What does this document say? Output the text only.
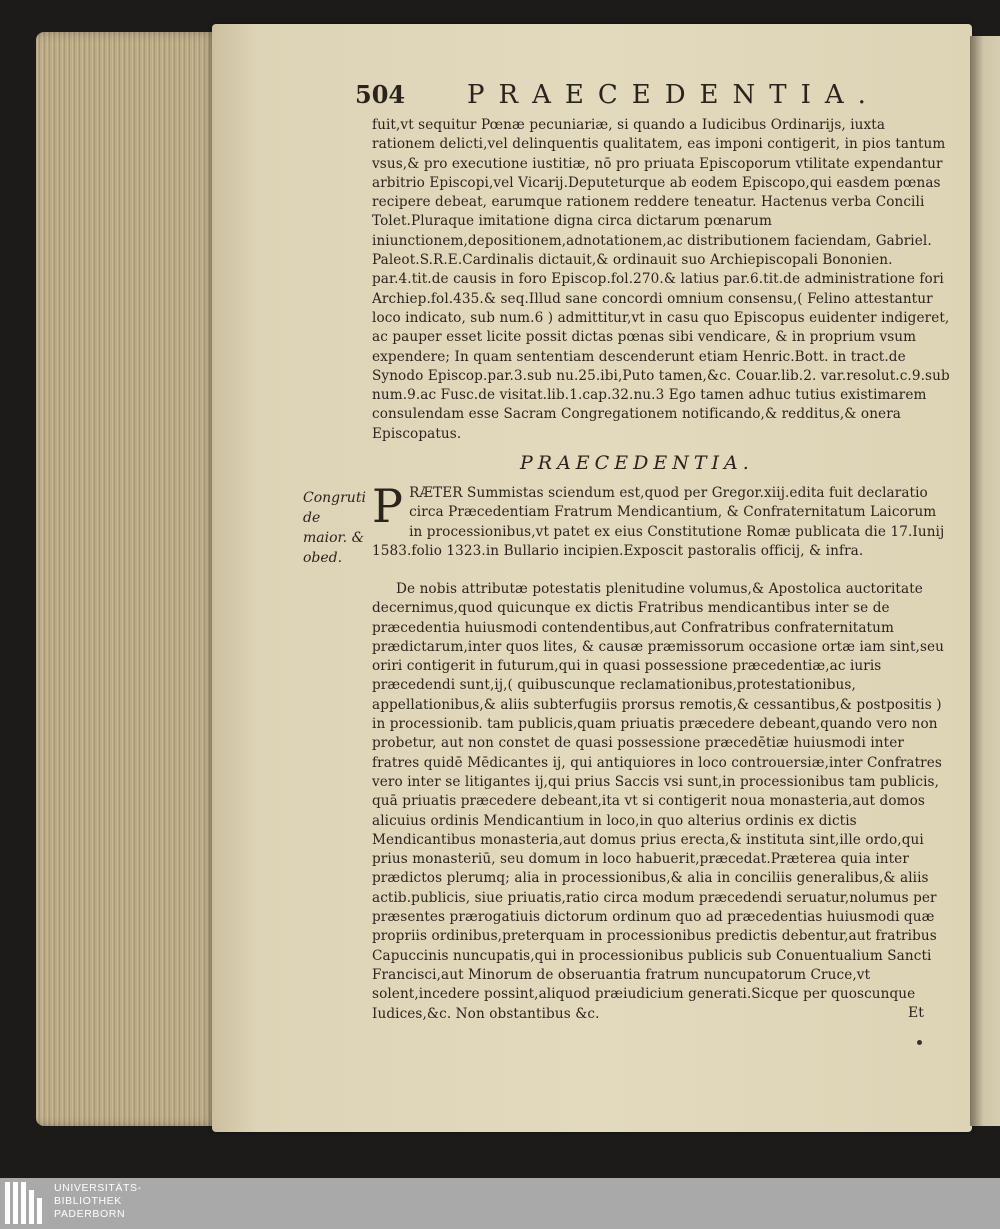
504 PRAECEDENTIA.
fuit,vt sequitur Pœnæ pecuniariæ, si quando a Iudicibus Ordinarijs, iuxta rationem delicti,vel delinquentis qualitatem, eas imponi contigerit, in pios tantum vsus,& pro executione iustitiæ, nō pro priuata Episcoporum vtilitate expendantur arbitrio Episcopi,vel Vicarij.Deputeturque ab eodem Episcopo,qui easdem pœnas recipere debeat, earumque rationem reddere teneatur. Hactenus verba Concili Tolet.Pluraque imitatione digna circa dictarum pœnarum iniunctionem,depositionem,adnotationem,ac distributionem faciendam, Gabriel. Paleot.S.R.E.Cardinalis dictauit,& ordinauit suo Archiepiscopali Bononien. par.4.tit.de causis in foro Episcop.fol.270.& latius par.6.tit.de administratione fori Archiep.fol.435.& seq.Illud sane concordi omnium consensu,( Felino attestantur loco indicato, sub num.6 ) admittitur,vt in casu quo Episcopus euidenter indigeret, ac pauper esset licite possit dictas pœnas sibi vendicare, & in proprium vsum expendere; In quam sententiam descenderunt etiam Henric.Bott. in tract.de Synodo Episcop.par.3.sub nu.25.ibi,Puto tamen,&c. Couar.lib.2. var.resolut.c.9.sub num.9.ac Fusc.de visitat.lib.1.cap.32.nu.3 Ego tamen adhuc tutius existimarem consulendam esse Sacram Congregationem notificando,& redditus,& onera Episcopatus.
PRAECEDENTIA.
Congruti de maior. & obed.
P RÆTER Summistas sciendum est,quod per Gregor.xiij.edita fuit declaratio circa Præcedentiam Fratrum Mendicantium, & Confraternitatum Laicorum in processionibus,vt patet ex eius Constitutione Romæ publicata die 17.Iunij 1583.folio 1323.in Bullario incipien.Exposcit pastoralis officij, & infra.
De nobis attributæ potestatis plenitudine volumus,& Apostolica auctoritate decernimus,quod quicunque ex dictis Fratribus mendicantibus inter se de præcedentia huiusmodi contendentibus,aut Confratribus confraternitatum prædictarum,inter quos lites, & causæ præmissorum occasione ortæ iam sint,seu oriri contigerit in futurum,qui in quasi possessione præcedentiæ,ac iuris præcedendi sunt,ij,( quibuscunque reclamationibus,protestationibus, appellationibus,& aliis subterfugiis prorsus remotis,& cessantibus,& postpositis ) in processionib. tam publicis,quam priuatis præcedere debeant,quando vero non probetur, aut non constet de quasi possessione præcedētiæ huiusmodi inter fratres quidē Mēdicantes ij, qui antiquiores in loco controuersiæ,inter Confratres vero inter se litigantes ij,qui prius Saccis vsi sunt,in processionibus tam publicis, quā priuatis præcedere debeant,ita vt si contigerit noua monasteria,aut domos alicuius ordinis Mendicantium in loco,in quo alterius ordinis ex dictis Mendicantibus monasteria,aut domus prius erecta,& instituta sint,ille ordo,qui prius monasteriū, seu domum in loco habuerit,præcedat.Præterea quia inter prædictos plerumq; alia in processionibus,& alia in conciliis generalibus,& aliis actib.publicis, siue priuatis,ratio circa modum præcedendi seruatur,nolumus per præsentes prærogatiuis dictorum ordinum quo ad præcedentias huiusmodi quæ propriis ordinibus,preterquam in processionibus predictis debentur,aut fratribus Capuccinis nuncupatis,qui in processionibus publicis sub Conuentualium Sancti Francisci,aut Minorum de obseruantia fratrum nuncupatorum Cruce,vt solent,incedere possint,aliquod præiudicium generati.Sicque per quoscunque Iudices,&c. Non obstantibus &c.	Et
UNIVERSITÄTS-
BIBLIOTHEK
PADERBORN
